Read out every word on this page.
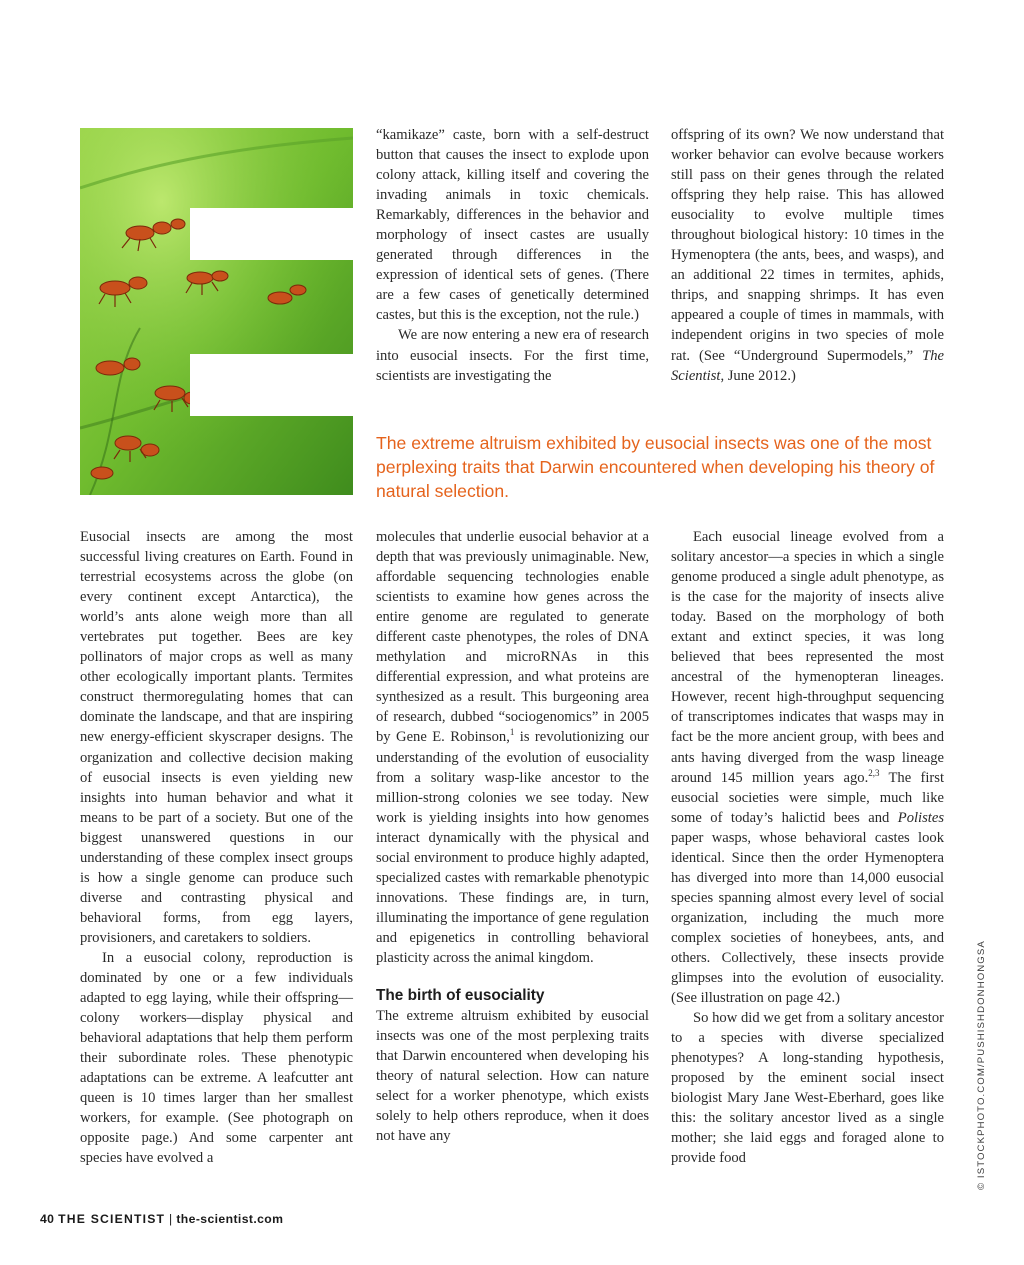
“kamikaze” caste, born with a self-destruct button that causes the insect to explode upon colony attack, killing itself and covering the invading animals in toxic chemicals. Remarkably, differences in the behavior and morphology of insect castes are usually generated through differences in the expression of identical sets of genes. (There are a few cases of genetically determined castes, but this is the exception, not the rule.)

We are now entering a new era of research into eusocial insects. For the first time, scientists are investigating the

offspring of its own? We now understand that worker behavior can evolve because workers still pass on their genes through the related offspring they help raise. This has allowed eusociality to evolve multiple times throughout biological history: 10 times in the Hymenoptera (the ants, bees, and wasps), and an additional 22 times in termites, aphids, thrips, and snapping shrimps. It has even appeared a couple of times in mammals, with independent origins in two species of mole rat. (See “Underground Supermodels,” The Scientist, June 2012.)

The extreme altruism exhibited by eusocial insects was one of the most perplexing traits that Darwin encountered when developing his theory of natural selection.

Eusocial insects are among the most successful living creatures on Earth. Found in terrestrial ecosystems across the globe (on every continent except Antarctica), the world’s ants alone weigh more than all vertebrates put together. Bees are key pollinators of major crops as well as many other ecologically important plants. Termites construct thermoregulating homes that can dominate the landscape, and that are inspiring new energy-efficient skyscraper designs. The organization and collective decision making of eusocial insects is even yielding new insights into human behavior and what it means to be part of a society. But one of the biggest unanswered questions in our understanding of these complex insect groups is how a single genome can produce such diverse and contrasting physical and behavioral forms, from egg layers, provisioners, and caretakers to soldiers.

In a eusocial colony, reproduction is dominated by one or a few individuals adapted to egg laying, while their offspring—colony workers—display physical and behavioral adaptations that help them perform their subordinate roles. These phenotypic adaptations can be extreme. A leafcutter ant queen is 10 times larger than her smallest workers, for example. (See photograph on opposite page.) And some carpenter ant species have evolved a

molecules that underlie eusocial behavior at a depth that was previously unimaginable. New, affordable sequencing technologies enable scientists to examine how genes across the entire genome are regulated to generate different caste phenotypes, the roles of DNA methylation and microRNAs in this differential expression, and what proteins are synthesized as a result. This burgeoning area of research, dubbed “sociogenomics” in 2005 by Gene E. Robinson,$^1$ is revolutionizing our understanding of the evolution of eusociality from a solitary wasp-like ancestor to the million-strong colonies we see today. New work is yielding insights into how genomes interact dynamically with the physical and social environment to produce highly adapted, specialized castes with remarkable phenotypic innovations. These findings are, in turn, illuminating the importance of gene regulation and epigenetics in controlling behavioral plasticity across the animal kingdom.

The birth of eusociality

The extreme altruism exhibited by eusocial insects was one of the most perplexing traits that Darwin encountered when developing his theory of natural selection. How can nature select for a worker phenotype, which exists solely to help others reproduce, when it does not have any

Each eusocial lineage evolved from a solitary ancestor—a species in which a single genome produced a single adult phenotype, as is the case for the majority of insects alive today. Based on the morphology of both extant and extinct species, it was long believed that bees represented the most ancestral of the hymenopteran lineages. However, recent high-throughput sequencing of transcriptomes indicates that wasps may in fact be the more ancient group, with bees and ants having diverged from the wasp lineage around 145 million years ago.$^{2,3}$ The first eusocial societies were simple, much like some of today’s halictid bees and Polistes paper wasps, whose behavioral castes look identical. Since then the order Hymenoptera has diverged into more than 14,000 eusocial species spanning almost every level of social organization, including the much more complex societies of honeybees, ants, and others. Collectively, these insects provide glimpses into the evolution of eusociality. (See illustration on page 42.)

So how did we get from a solitary ancestor to a species with diverse specialized phenotypes? A long-standing hypothesis, proposed by the eminent social insect biologist Mary Jane West-Eberhard, goes like this: the solitary ancestor lived as a single mother; she laid eggs and foraged alone to provide food

40 THE SCIENTIST | the-scientist.com
© ISTOCKPHOTO.COM/PUSHISHDONHONGSA
